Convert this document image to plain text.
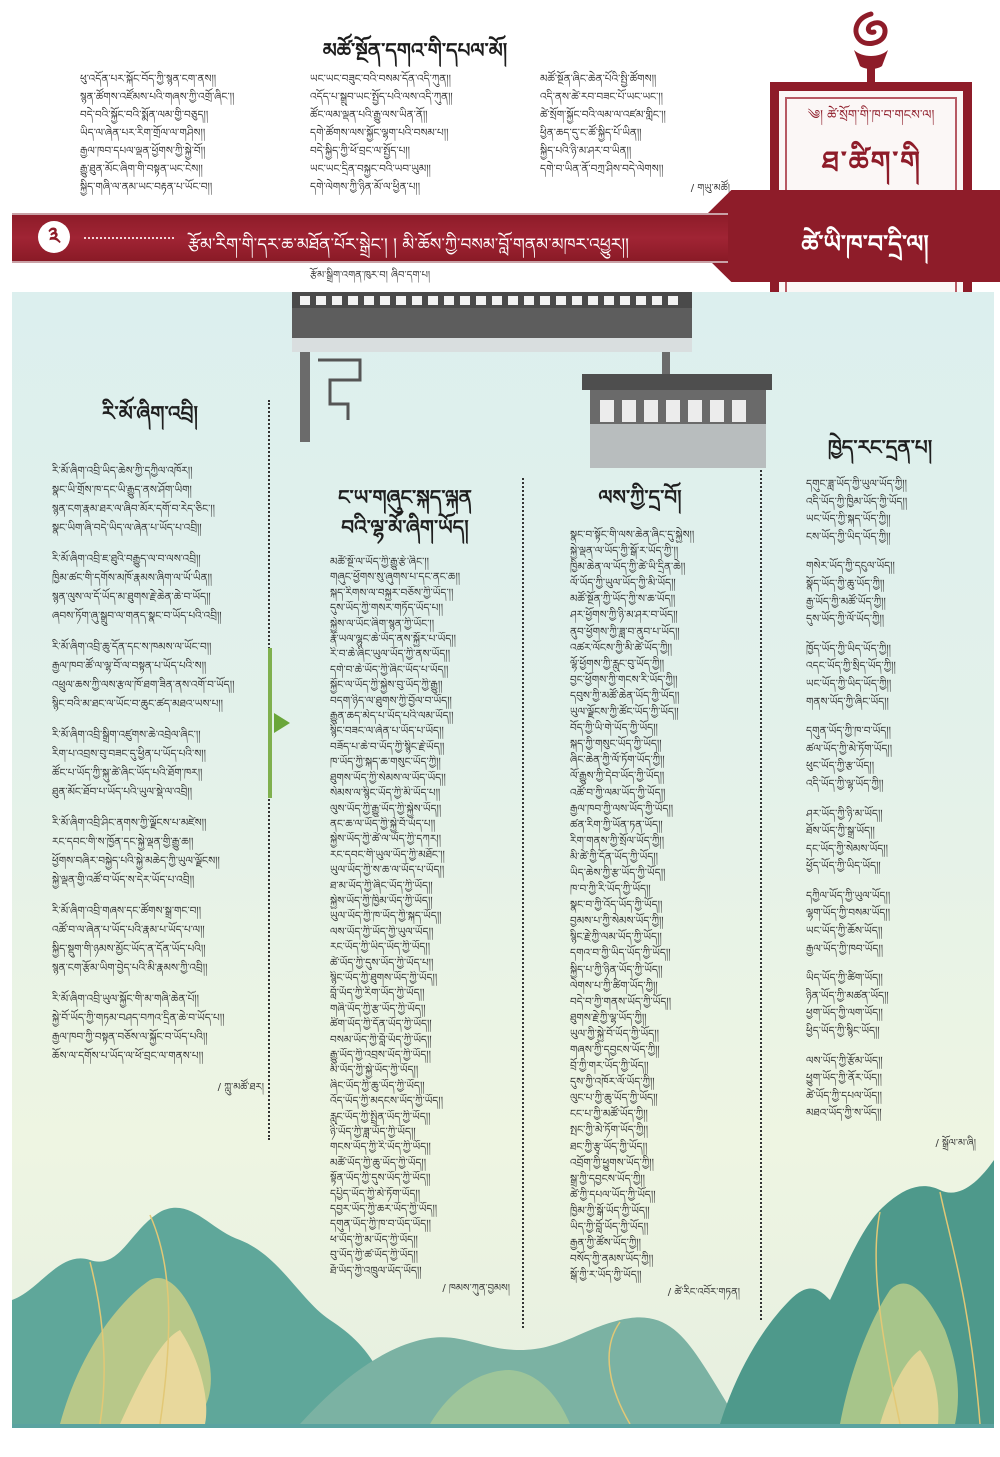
མཚོ་སྔོན་དགའ་གི་དཔལ་མོ།

ཕུ་འདོན་པར་སྐོང་བོད་ཀྱི་སྙན་ངག་ནས།།

སྙན་ཚོགས་འཛོམས་པའི་གཞས་ཀྱི་འགྲོ་ཞིང་།།

བདེ་བའི་སྐྱོང་བའི་སྨོན་ལམ་གྱི་བཅུད།།

ཡིད་ལ་ཞེན་པར་རིག་གྲོལ་ལ་གཤིས།།

རྒྱལ་ཁབ་དཔལ་ལྡན་ཕྱོགས་ཀྱི་སྐྱེ་བོ།།

རྒྱུ་ཐུན་མོང་ཞིག་གི་བསྟན་ཡང་ངེས།།

སྐྱིད་གཞི་ལ་ནམ་ཡང་བརྟན་པ་ཡོང་བ།།

ཡང་ཡང་བཟུང་བའི་བསམ་དོན་འདི་ཀུན།།

འདོད་པ་སྒྲུབ་ཡང་སྤྱོད་པའི་ལས་འདི་ཀུན།།

ཚོང་ལམ་ལྡན་པའི་རྒྱུ་ལས་ཡིན་ནོ།།

དགེ་ཚོགས་ལས་སྐྱོང་ལྷག་པའི་བསམ་པ།།

བདེ་སྐྱིད་ཀྱི་ཕོ་བྲང་ལ་སྤྱོད་པ།།

ཡང་ཡང་དྲིན་བསྐྱང་བའི་ཡབ་ཡུམ།།

དགེ་ལེགས་ཀྱི་ཉིན་མོ་ལ་ཕྱིན་པ།།

མཚོ་སྔོན་ཞིང་ཆེན་པོའི་སྤྱི་ཚོགས།།

འདི་ནས་ཚེ་རབ་བཟང་པོ་ཡང་ཡང་།།

ཚེ་སྲོག་སྐྱོང་བའི་ལམ་ལ་འཛམ་གླིང་།།

ཕྱིན་ཆད་དུ་ང་ཚོ་སྐྱིད་པོ་ཡིན།།

སྐྱིད་པའི་ཉི་མ་ཤར་བ་ཡིན།།

དགེ་བ་ཡིན་ནོ་བཀྲ་ཤིས་བདེ་ལེགས།།

/ གཡུ་མཚོ།
༄། ཚེ་སྲོག་གི་ཁ་བ་གངས་ལ།
ཐ་ཚིག་གི
ཚེ་ཡི་ཁ་བ་དྲི་ལ།
༣	རྩོམ་རིག་གི་དར་ཆ་མཐོན་པོར་སྒྲེང་། ། མི་ཆོས་ཀྱི་བསམ་བློ་གནམ་མཁར་འཕྱུར།།
རྩོམ་སྒྲིག་འགན་ཁུར་བ། ཞིབ་དག་པ།
རི་མོ་ཞིག་འབྲི།

རི་མོ་ཞིག་འབྲི་ཡིད་ཆེས་ཀྱི་དཀྱིལ་འཁོར།།

སྣང་ཡི་གྲོས་ཁ་དང་ཡི་རྒྱུད་ནས་ཤོག་ཡིག།

སྙན་ངག་རྣམ་ཐར་ལ་ཞིབ་མོར་དགོ་བ་རེད་ཅིང་།།

སྣང་ཡིག་ཞི་བདེ་ཡིད་ལ་ཞེན་པ་ཡོད་པ་འབྲི།།

རི་མོ་ཞིག་འབྲི་ཇ་ཐུའི་བརྒྱུད་ལ་བ་ལས་འབྲི།།

ཁྱིམ་ཚང་གི་དགོས་མཁོ་རྣམས་ཞིག་ལ་ཡོ་ཡིན།།

སྙན་ལུས་ལ་དོ་ཡོད་མ་ཐུགས་རྗེ་ཆེན་ཆེ་བ་ཡོད།།

ཞབས་ཏོག་ཞུ་སྒྲུབ་ལ་གནད་སྣང་བ་ཡོད་པའི་འབྲི།།

རི་མོ་ཞིག་འབྲི་ཆུ་དོན་དང་ས་ཁམས་ལ་ཡོང་བ།།

རྒྱལ་ཁབ་ཚོ་ལ་ལྷ་བོ་ལ་བསྟན་པ་ཡོད་པའི་ས།།

འཕྲུལ་ཆས་ཀྱི་ལས་རྩལ་ཁོ་ཐག་ཟིན་ནས་འགོ་བ་ཡོད།།

སྙིང་བའི་མ་ཐང་ལ་ཡོང་བ་ཆུང་ཚད་མཐའ་ཡས་པ།།

རི་མོ་ཞིག་འབྲི་སྒྲིག་འཛུགས་ཆེ་འབྲེལ་ཞིང་།།

རིག་པ་འབྲས་བུ་བཟང་དུ་ཕྱིན་པ་ཡོད་པའི་ས།།

ཚོང་པ་ཡོད་ཀྱི་སྐུ་ཚེ་ཞིང་ཡོད་པའི་ཐོག་ཁར།།

ཐུན་མོང་ཐོབ་པ་ཡོད་པའི་ཡུལ་སྡེ་ལ་འབྲི།།

རི་མོ་ཞིག་འབྲི་ཤིང་ནགས་ཀྱི་ལྗོངས་པ་མཛེས།།

རང་དབང་གི་ས་ཁྱོན་དང་སྐྱེ་ལྡན་གྱི་རྒྱུ་ཆ།།

ཕྱོགས་བཞིར་བསྐྱེད་པའི་སྐྱེ་མཆེད་ཀྱི་ཡུལ་ལྗོངས།།

སྐྱེ་ལྡན་གྱི་འཚོ་བ་ཡོད་ས་དེར་ཡོད་པ་འབྲི།།

རི་མོ་ཞིག་འབྲི་གཞས་དང་ཚོགས་སྒྲ་གང་བ།།

འཚོ་བ་ལ་ཞེན་པ་ཡོད་པའི་རྣམ་པ་ཡོད་པ་ལ།།

སྐྱིད་སྡུག་གི་ཉམས་མྱོང་ཡོད་ན་དོན་ཡོད་པའི།།

སྙན་ངག་རྩོམ་ཡིག་བྱེད་པའི་མི་རྣམས་ཀྱི་འབྲི།།

རི་མོ་ཞིག་འབྲི་ཡུལ་སྐྱོང་གི་མ་གཞི་ཆེན་པོ།།

སྐྱེ་བོ་ཡོད་ཀྱི་གཏམ་བཤད་བཀའ་དྲིན་ཆེ་བ་ཡོད་པ།།

རྒྱལ་ཁབ་ཀྱི་བསྟན་བཅོས་ལ་སྐྱོང་བ་ཡོད་པའི།།

ཆོས་ལ་དགོས་པ་ཡོད་ལ་ཕོ་བྲང་ལ་གནས་པ།།

/ ཀླུ་མཚོ་ཐར།
ང་ཡ་གཞུང་སྐད་ལྐན
བའི་ལྷ་མོ་ཞིག་ཡོད།

མཚོ་སྔོ་ལ་ཡོད་ཀྱི་རྒྱུ་རྩེ་ཞིང་།།

གཞུང་ཕྱོགས་སུ་ཞུགས་པ་དང་ནང་ཆ།།

སྐད་རིགས་ལ་བསྐྱར་བཅོས་ཀྱི་ཡོད་།།

དུས་ཡོད་ཀྱི་གསར་གཏོད་ཡོད་པ།།

སྐྱེས་ལ་ཡོང་ཞིག་སྙན་ཀྱི་ཡོང་།།

རྣོ་ཡལ་ལྷུང་ཆེ་ཡོད་ནས་སྐྱོར་པ་ཡོད།།

རི་བ་ཆེ་ཞིང་ཡུལ་ཡོད་ཀྱི་ནས་ཡོད།།

དགེ་བ་ཆེ་ཡོད་ཀྱི་ཞིང་ཡོད་པ་ཡོད།།

སྐྱོང་ལ་ཡོད་ཀྱི་སྐྱེས་བུ་ཡོད་ཀྱི་རྒྱུ།།

བདག་ཉིད་ལ་ཐུགས་ཀྱི་བྱོལ་བ་ཡོད།།

རྒྱུན་ཆད་མེད་པ་ཡོད་པའི་ལམ་ཡོད།།

སྙིང་བཟང་ལ་ཞེན་པ་ཡོད་པ་ཡོད།།

བཟོད་པ་ཆེ་བ་ཡོད་ཀྱི་སྙིང་རྗེ་ཡོད།།

ཁ་ཡོད་ཀྱི་སྐད་ཆ་གསུང་ཡོད་ཀྱི།།

ཐུགས་ཡོད་ཀྱི་སེམས་ལ་ཡོད་ཡོད།།

སེམས་ལ་སྙིང་ཡོད་ཀྱི་མི་ཡོད་པ།།

ལུས་ཡོད་ཀྱི་རྒྱུ་ཡོད་ཀྱི་སྐྱེས་ཡོད།།

ནང་ཆ་ལ་ཡོད་ཀྱི་སྐྱེ་བོ་ཡོད་པ།།

སྐྱེས་ཡོད་ཀྱི་ཚེ་ལ་ཡོད་ཀྱི་དཀར།།

རང་དབང་གི་ཡུལ་ཡོད་ཀྱི་མཐོང་།།

ཡུལ་ཡོད་ཀྱི་ས་ཆ་ལ་ཡོད་པ་ཡོད།།

ཐ་མ་ཡོད་ཀྱི་ཞིང་ཡོད་ཀྱི་ཡོད།།

སྐྱེས་ཡོད་ཀྱི་ཁྱིམ་ཡོད་ཀྱི་ཡོད།།

ཡུལ་ཡོད་ཀྱི་ཁ་ཡོད་ཀྱི་སྐད་ཡོད།།

ལས་ཡོད་ཀྱི་ཡོད་ཀྱི་ཡུལ་ཡོད།།

རང་ཡོད་ཀྱི་ཡིད་ཡོད་ཀྱི་ཡོད།།

ཚེ་ཡོད་ཀྱི་དུས་ཡོད་ཀྱི་ཡོད་པ།།

སྙིང་ཡོད་ཀྱི་ཐུགས་ཡོད་ཀྱི་ཡོད།།

བློ་ཡོད་ཀྱི་རིག་ཡོད་ཀྱི་ཡོད།།

གཞི་ཡོད་ཀྱི་རྩ་ཡོད་ཀྱི་ཡོད།།

ཚིག་ཡོད་ཀྱི་དོན་ཡོད་ཀྱི་ཡོད།།

བསམ་ཡོད་ཀྱི་བློ་ཡོད་ཀྱི་ཡོད།།

རྒྱུ་ཡོད་ཀྱི་འབྲས་ཡོད་ཀྱི་ཡོད།།

མི་ཡོད་ཀྱི་སྐྱེ་ཡོད་ཀྱི་ཡོད།།

ཞིང་ཡོད་ཀྱི་ཆུ་ཡོད་ཀྱི་ཡོད།།

འོད་ཡོད་ཀྱི་མདངས་ཡོད་ཀྱི་ཡོད།།

རླུང་ཡོད་ཀྱི་སྤྲིན་ཡོད་ཀྱི་ཡོད།།

ཉི་ཡོད་ཀྱི་ཟླ་ཡོད་ཀྱི་ཡོད།།

གངས་ཡོད་ཀྱི་རི་ཡོད་ཀྱི་ཡོད།།

མཚོ་ཡོད་ཀྱི་ཆུ་ཡོད་ཀྱི་ཡོད།།

སྟོན་ཡོད་ཀྱི་དུས་ཡོད་ཀྱི་ཡོད།།

དཔྱིད་ཡོད་ཀྱི་མེ་ཏོག་ཡོད།།

དབྱར་ཡོད་ཀྱི་ཆར་ཡོད་ཀྱི་ཡོད།།

དགུན་ཡོད་ཀྱི་ཁ་བ་ཡོད་ཡོད།།

ཕ་ཡོད་ཀྱི་མ་ཡོད་ཀྱི་ཡོད།།

བུ་ཡོད་ཀྱི་ཚ་ཡོད་ཀྱི་ཡོད།།

ཐོ་ཡོད་ཀྱི་འཁྲུལ་ཡོད་ཡོད།།

/ ཁམས་ཀུན་བྱམས།
ལས་ཀྱི་དྲ་བོ།

སྣང་བ་སྟོང་གི་ལས་ཆེན་ཞིང་དུ་སྐྱེས།།

སྐྱེ་ལྡན་ལ་ཡོད་ཀྱི་སྒོ་ར་ཡོད་ཀྱི་།།

ཁྱིམ་ཆེན་ལ་ཡོད་ཀྱི་ཚེ་ཡི་དྲིན་ཆེ།།

ལོ་ཡོད་ཀྱི་ཡུལ་ཡོད་ཀྱི་མི་ཡོད།།

མཚོ་སྔོན་ཀྱི་ཡོད་ཀྱི་ས་ཆ་ཡོད།།

ཤར་ཕྱོགས་ཀྱི་ཉི་མ་ཤར་བ་ཡོད།།

ནུབ་ཕྱོགས་ཀྱི་ཟླ་བ་ནུབ་པ་ཡོད།།

འཚར་ལོངས་ཀྱི་མི་ཚེ་ཡོད་ཀྱི།།

ལྷོ་ཕྱོགས་ཀྱི་རླུང་བུ་ཡོད་ཀྱི།།

བྱང་ཕྱོགས་ཀྱི་གངས་རི་ཡོད་ཀྱི།།

དབུས་ཀྱི་མཚོ་ཆེན་ཡོད་ཀྱི་ཡོད།།

ཡུལ་ལྗོངས་ཀྱི་ཚོང་ཡོད་ཀྱི་ཡོད།།

བོད་ཀྱི་ཡི་གེ་ཡོད་ཀྱི་ཡོད།།

སྐད་ཀྱི་གསུང་ཡོད་ཀྱི་ཡོད།།

ཞིང་ཆེན་ཀྱི་ལོ་ཏོག་ཡོད་ཀྱི།།

ལོ་རྒྱུས་ཀྱི་དེབ་ཡོད་ཀྱི་ཡོད།།

འཚོ་བ་ཀྱི་ལམ་ཡོད་ཀྱི་ཡོད།།

རྒྱལ་ཁབ་ཀྱི་ལས་ཡོད་ཀྱི་ཡོད།།

ཚན་རིག་ཀྱི་ཡོན་ཏན་ཡོད།།

རིག་གནས་ཀྱི་སྲོལ་ཡོད་ཀྱི།།

མི་ཚེ་ཀྱི་དོན་ཡོད་ཀྱི་ཡོད།།

ཡིད་ཆེས་ཀྱི་རྩ་ཡོད་ཀྱི་ཡོད།།

ཁ་བ་ཀྱི་རི་ཡོད་ཀྱི་ཡོད།།

སྣང་བ་ཀྱི་འོད་ཡོད་ཀྱི་ཡོད།།

བྱམས་པ་ཀྱི་སེམས་ཡོད་ཀྱི།།

སྙིང་རྗེ་ཀྱི་ལམ་ཡོད་ཀྱི་ཡོད།།

དགའ་བ་ཀྱི་ཡིད་ཡོད་ཀྱི་ཡོད།།

སྐྱིད་པ་ཀྱི་ཉིན་ཡོད་ཀྱི་ཡོད།།

ལེགས་པ་ཀྱི་ཚིག་ཡོད་ཀྱི།།

བདེ་བ་ཀྱི་གནས་ཡོད་ཀྱི་ཡོད།།

ཐུགས་རྗེ་ཀྱི་ལྷ་ཡོད་ཀྱི།།

ཡུལ་ཀྱི་སྐྱེ་བོ་ཡོད་ཀྱི་ཡོད།།

གཞས་ཀྱི་དབྱངས་ཡོད་ཀྱི།།

བྲོ་ཀྱི་གར་ཡོད་ཀྱི་ཡོད།།

དུས་ཀྱི་འཁོར་ལོ་ཡོད་ཀྱི།།

ལུང་པ་ཀྱི་ཆུ་ཡོད་ཀྱི་ཡོད།།

ངང་པ་ཀྱི་མཚོ་ཡོད་ཀྱི།།

སྤང་ཀྱི་མེ་ཏོག་ཡོད་ཀྱི།།

ཐང་ཀྱི་རྩྭ་ཡོད་ཀྱི་ཡོད།།

འབྲོག་ཀྱི་ཕྱུགས་ཡོད་ཀྱི།།

སྒྲ་ཀྱི་དབྱངས་ཡོད་ཀྱི།།

ཚེ་ཀྱི་དཔལ་ཡོད་ཀྱི་ཡོད།།

ཁྱིམ་ཀྱི་སྒོ་ཡོད་ཀྱི་ཡོད།།

ཡིད་ཀྱི་བློ་ཡོད་ཀྱི་ཡོད།།

རྒྱན་ཀྱི་ཚོས་ཡོད་ཀྱི།།

བསོད་ཀྱི་ནམས་ཡོད་ཀྱི།།

སྒོ་ཀྱི་ར་ཡོད་ཀྱི་ཡོད།།

/ ཚེ་རིང་འབོར་གཏན།
ཁྱེད་རང་དྲན་པ།

དགུང་ཟླ་ཡོད་ཀྱི་ཡུལ་ཡོད་ཀྱི།།

འདི་ཡོད་ཀྱི་ཁྱིམ་ཡོད་ཀྱི་ཡོད།།

ཡང་ཡོད་ཀྱི་སྐད་ཡོད་ཀྱི།།

ངས་ཡོད་ཀྱི་ཡིད་ཡོད་ཀྱི།།

གསེར་ཡོད་ཀྱི་དངུལ་ཡོད།།

སྣོད་ཡོད་ཀྱི་ཆུ་ཡོད་ཀྱི།།

རྒྱ་ཡོད་ཀྱི་མཚོ་ཡོད་ཀྱི།།

དུས་ཡོད་ཀྱི་ལོ་ཡོད་ཀྱི།།

ཁྱོད་ཡོད་ཀྱི་ཡིད་ཡོད་ཀྱི།།

འདང་ཡོད་ཀྱི་སྲིད་ཡོད་ཀྱི།།

ཡང་ཡོད་ཀྱི་ཡིད་ཡོད་ཀྱི།།

གནས་ཡོད་ཀྱི་ཞིང་ཡོད།།

དགུན་ཡོད་ཀྱི་ཁ་བ་ཡོད།།

ཚལ་ཡོད་ཀྱི་མེ་ཏོག་ཡོད།།

ཕུང་ཡོད་ཀྱི་རྩ་ཡོད།།

འདི་ཡོད་ཀྱི་ལྷ་ཡོད་ཀྱི།།

ཤར་ཡོད་ཀྱི་ཉི་མ་ཡོད།།

ཐོས་ཡོད་ཀྱི་སྒྲ་ཡོད།།

དང་ཡོད་ཀྱི་སེམས་ཡོད།།

ཕྱོད་ཡོད་ཀྱི་ཡིད་ཡོད།།

དཀྱིལ་ཡོད་ཀྱི་ཡུལ་ཡོད།།

ལྷག་ཡོད་ཀྱི་བསམ་ཡོད།།

ཡང་ཡོད་ཀྱི་ཆོས་ཡོད།།

རྒྱལ་ཡོད་ཀྱི་ཁབ་ཡོད།།

ཡིད་ཡོད་ཀྱི་ཚིག་ཡོད།།

ཉིན་ཡོད་ཀྱི་མཚན་ཡོད།།

ཕྱག་ཡོད་ཀྱི་ལག་ཡོད།།

ཕྱིད་ཡོད་ཀྱི་སྙིང་ཡོད།།

ལས་ཡོད་ཀྱི་རྩོམ་ཡོད།།

ཕྱུག་ཡོད་ཀྱི་ནོར་ཡོད།།

ཚེ་ཡོད་ཀྱི་དཔལ་ཡོད།།

མཐའ་ཡོད་ཀྱི་ས་ཡོད།།

/ སྒྲོལ་མ་ཞི།
